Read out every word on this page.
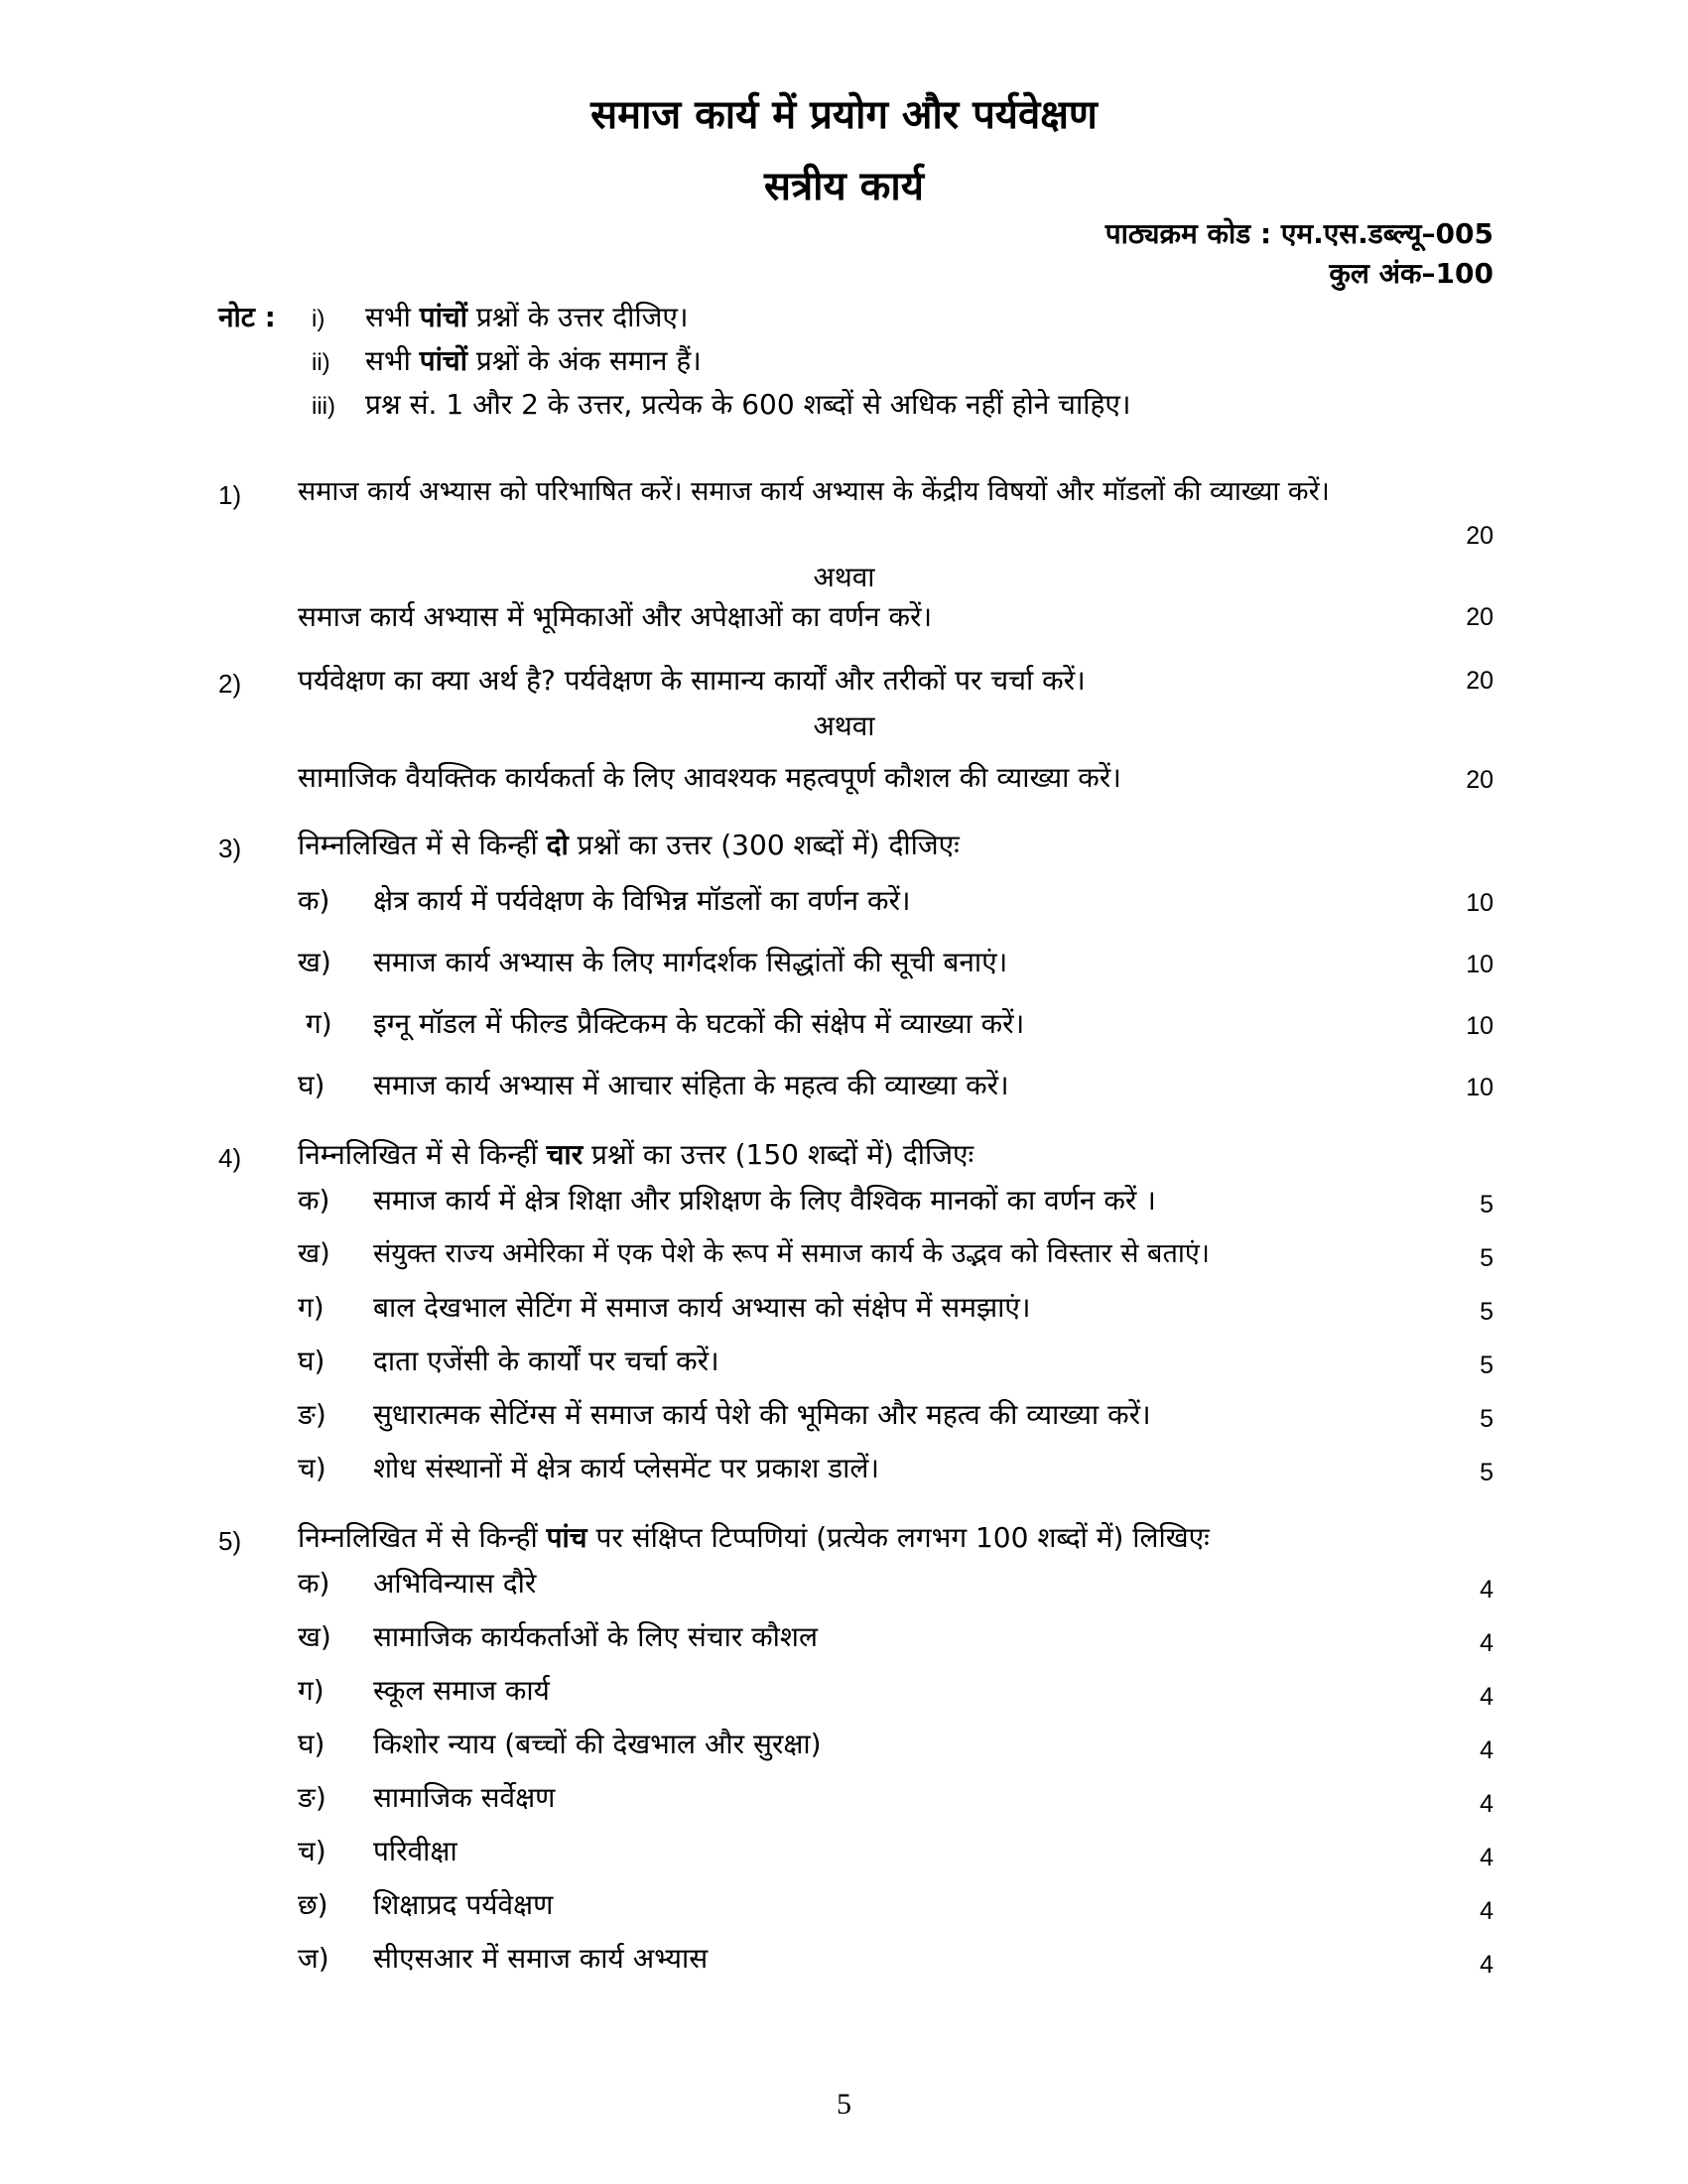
समाज कार्य में प्रयोग और पर्यवेक्षण
सत्रीय कार्य
पाठ्यक्रम कोड : एम.एस.डब्ल्यू–005
कुल अंक–100
नोट : i) सभी पांचों प्रश्नों के उत्तर दीजिए।
ii) सभी पांचों प्रश्नों के अंक समान हैं।
iii) प्रश्न सं. 1 और 2 के उत्तर, प्रत्येक के 600 शब्दों से अधिक नहीं होने चाहिए।
1) समाज कार्य अभ्यास को परिभाषित करें। समाज कार्य अभ्यास के केंद्रीय विषयों और मॉडलों की व्याख्या करें।
20
अथवा
समाज कार्य अभ्यास में भूमिकाओं और अपेक्षाओं का वर्णन करें।	20
2) पर्यवेक्षण का क्या अर्थ है? पर्यवेक्षण के सामान्य कार्यों और तरीकों पर चर्चा करें।	20
अथवा
सामाजिक वैयक्तिक कार्यकर्ता के लिए आवश्यक महत्वपूर्ण कौशल की व्याख्या करें।	20
3) निम्नलिखित में से किन्हीं दो प्रश्नों का उत्तर (300 शब्दों में) दीजिएः
क) क्षेत्र कार्य में पर्यवेक्षण के विभिन्न मॉडलों का वर्णन करें।	10
ख) समाज कार्य अभ्यास के लिए मार्गदर्शक सिद्धांतों की सूची बनाएं।	10
ग) इग्नू मॉडल में फील्ड प्रैक्टिकम के घटकों की संक्षेप में व्याख्या करें।	10
घ) समाज कार्य अभ्यास में आचार संहिता के महत्व की व्याख्या करें।	10
4) निम्नलिखित में से किन्हीं चार प्रश्नों का उत्तर (150 शब्दों में) दीजिएः
क) समाज कार्य में क्षेत्र शिक्षा और प्रशिक्षण के लिए वैश्विक मानकों का वर्णन करें ।	5
ख) संयुक्त राज्य अमेरिका में एक पेशे के रूप में समाज कार्य के उद्भव को विस्तार से बताएं।	5
ग) बाल देखभाल सेटिंग में समाज कार्य अभ्यास को संक्षेप में समझाएं।	5
घ) दाता एजेंसी के कार्यों पर चर्चा करें।	5
ङ) सुधारात्मक सेटिंग्स में समाज कार्य पेशे की भूमिका और महत्व की व्याख्या करें।	5
च) शोध संस्थानों में क्षेत्र कार्य प्लेसमेंट पर प्रकाश डालें।	5
5) निम्नलिखित में से किन्हीं पांच पर संक्षिप्त टिप्पणियां (प्रत्येक लगभग 100 शब्दों में) लिखिएः
क) अभिविन्यास दौरे	4
ख) सामाजिक कार्यकर्ताओं के लिए संचार कौशल	4
ग) स्कूल समाज कार्य	4
घ) किशोर न्याय (बच्चों की देखभाल और सुरक्षा)	4
ङ) सामाजिक सर्वेक्षण	4
च) परिवीक्षा	4
छ) शिक्षाप्रद पर्यवेक्षण	4
ज) सीएसआर में समाज कार्य अभ्यास	4
5
